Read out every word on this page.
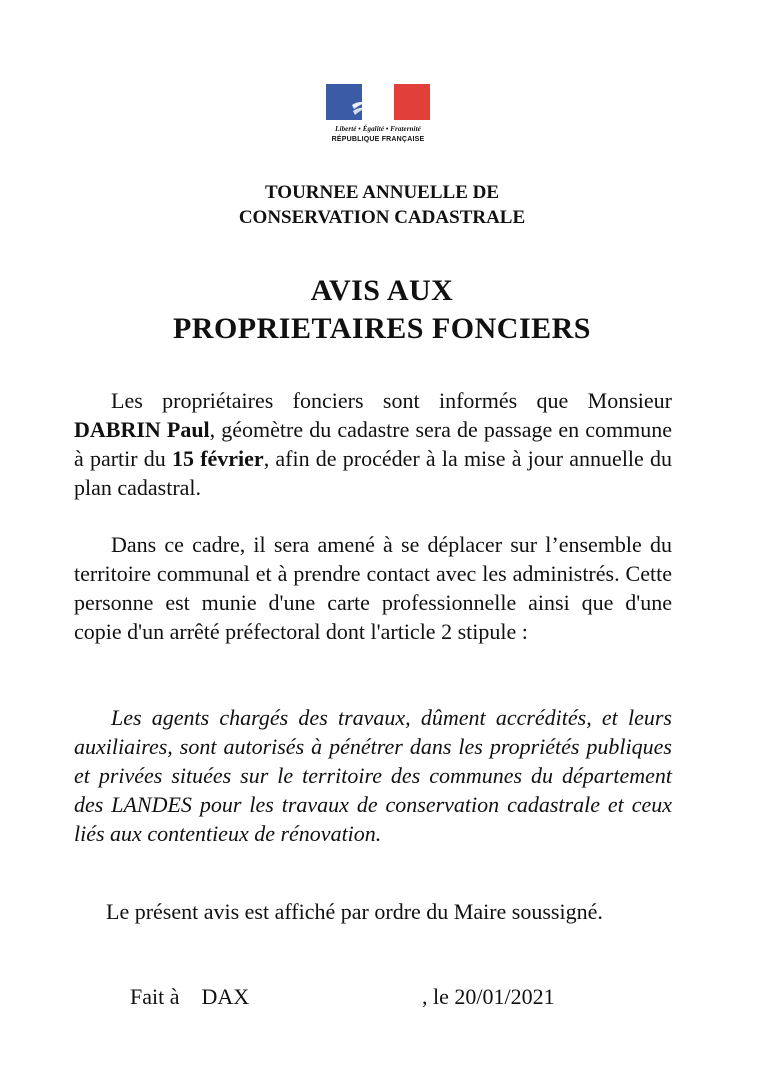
Liberté • Égalité • Fraternité
RÉPUBLIQUE FRANÇAISE
TOURNEE ANNUELLE DE
CONSERVATION CADASTRALE
AVIS AUX
PROPRIETAIRES FONCIERS
Les propriétaires fonciers sont informés que Monsieur DABRIN Paul, géomètre du cadastre sera de passage en commune à partir du 15 février, afin de procéder à la mise à jour annuelle du plan cadastral.
Dans ce cadre, il sera amené à se déplacer sur l’ensemble du territoire communal et à prendre contact avec les administrés. Cette personne est munie d'une carte professionnelle ainsi que d'une copie d'un arrêté préfectoral dont l'article 2 stipule :
Les agents chargés des travaux, dûment accrédités, et leurs auxiliaires, sont autorisés à pénétrer dans les propriétés publiques et privées situées sur le territoire des communes du département des LANDES pour les travaux de conservation cadastrale et ceux liés aux contentieux de rénovation.
Le présent avis est affiché par ordre du Maire soussigné.
Fait à DAX	, le 20/01/2021
